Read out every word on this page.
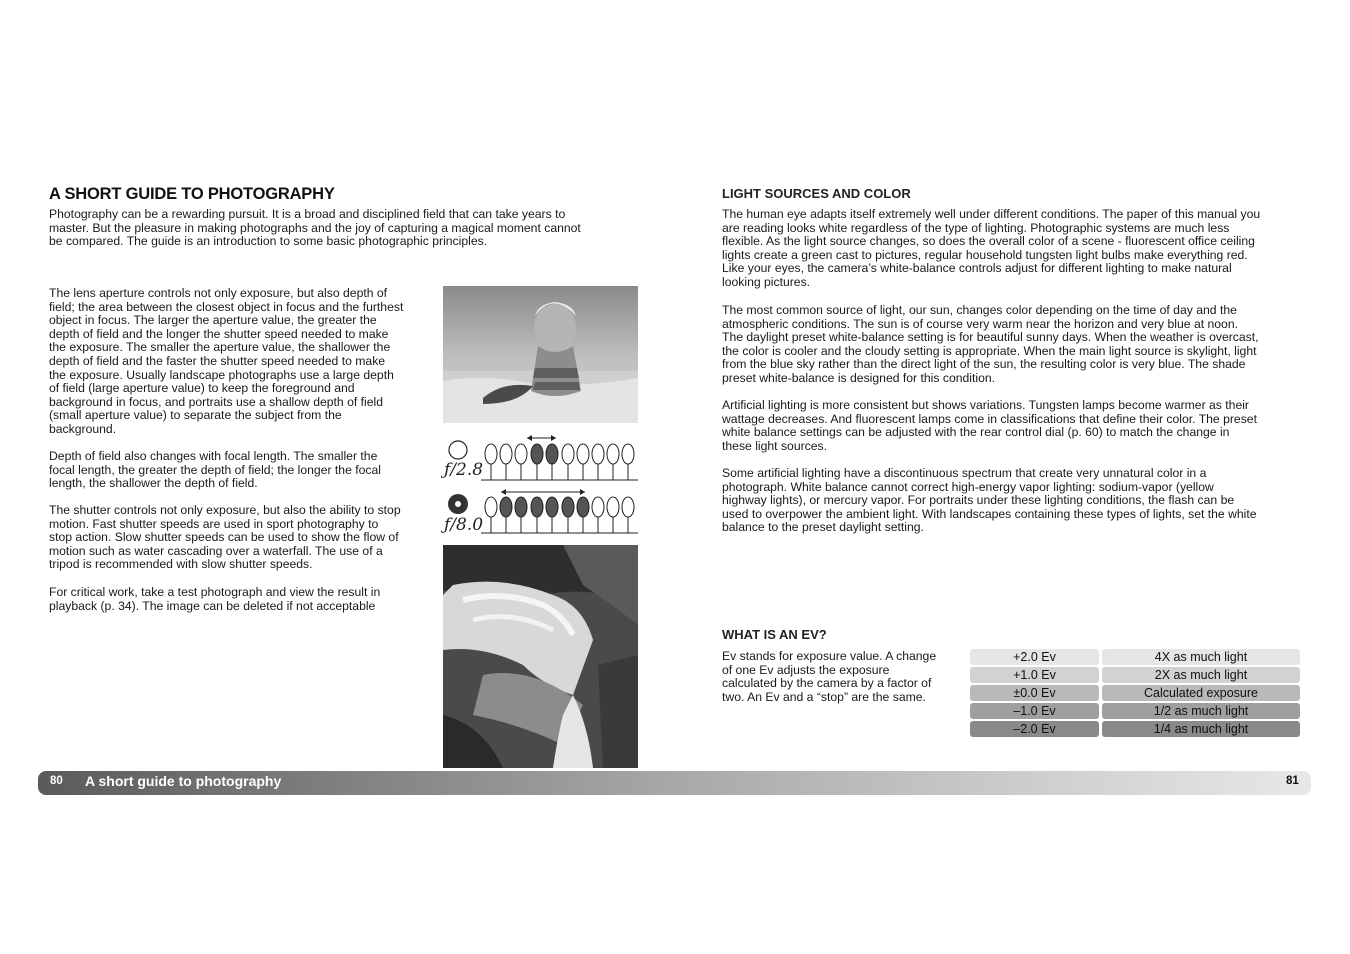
A SHORT GUIDE TO PHOTOGRAPHY

Photography can be a rewarding pursuit. It is a broad and disciplined field that can take years to

master. But the pleasure in making photographs and the joy of capturing a magical moment cannot

be compared. The guide is an introduction to some basic photographic principles.

The lens aperture controls not only exposure, but also depth of

field; the area between the closest object in focus and the furthest

object in focus. The larger the aperture value, the greater the

depth of field and the longer the shutter speed needed to make

the exposure. The smaller the aperture value, the shallower the

depth of field and the faster the shutter speed needed to make

the exposure. Usually landscape photographs use a large depth

of field (large aperture value) to keep the foreground and

background in focus, and portraits use a shallow depth of field

(small aperture value) to separate the subject from the

background.

Depth of field also changes with focal length. The smaller the

focal length, the greater the depth of field; the longer the focal

length, the shallower the depth of field.

The shutter controls not only exposure, but also the ability to stop

motion. Fast shutter speeds are used in sport photography to

stop action. Slow shutter speeds can be used to show the flow of

motion such as water cascading over a waterfall. The use of a

tripod is recommended with slow shutter speeds.

For critical work, take a test photograph and view the result in

playback (p. 34). The image can be deleted if not acceptable

ƒ/2.8
ƒ/8.0
LIGHT SOURCES AND COLOR

The human eye adapts itself extremely well under different conditions. The paper of this manual you

are reading looks white regardless of the type of lighting. Photographic systems are much less

flexible. As the light source changes, so does the overall color of a scene - fluorescent office ceiling

lights create a green cast to pictures, regular household tungsten light bulbs make everything red.

Like your eyes, the camera’s white-balance controls adjust for different lighting to make natural

looking pictures.

The most common source of light, our sun, changes color depending on the time of day and the

atmospheric conditions. The sun is of course very warm near the horizon and very blue at noon.

The daylight preset white-balance setting is for beautiful sunny days. When the weather is overcast,

the color is cooler and the cloudy setting is appropriate. When the main light source is skylight, light

from the blue sky rather than the direct light of the sun, the resulting color is very blue. The shade

preset white-balance is designed for this condition.

Artificial lighting is more consistent but shows variations. Tungsten lamps become warmer as their

wattage decreases. And fluorescent lamps come in classifications that define their color. The preset

white balance settings can be adjusted with the rear control dial (p. 60) to match the change in

these light sources.

Some artificial lighting have a discontinuous spectrum that create very unnatural color in a

photograph. White balance cannot correct high-energy vapor lighting: sodium-vapor (yellow

highway lights), or mercury vapor. For portraits under these lighting conditions, the flash can be

used to overpower the ambient light. With landscapes containing these types of lights, set the white

balance to the preset daylight setting.

WHAT IS AN EV?

Ev stands for exposure value. A change

of one Ev adjusts the exposure

calculated by the camera by a factor of

two. An Ev and a “stop” are the same.

+2.0 Ev	4X as much light
+1.0 Ev	2X as much light
±0.0 Ev	Calculated exposure
–1.0 Ev	1/2 as much light
–2.0 Ev	1/4 as much light
80 A short guide to photography	81
